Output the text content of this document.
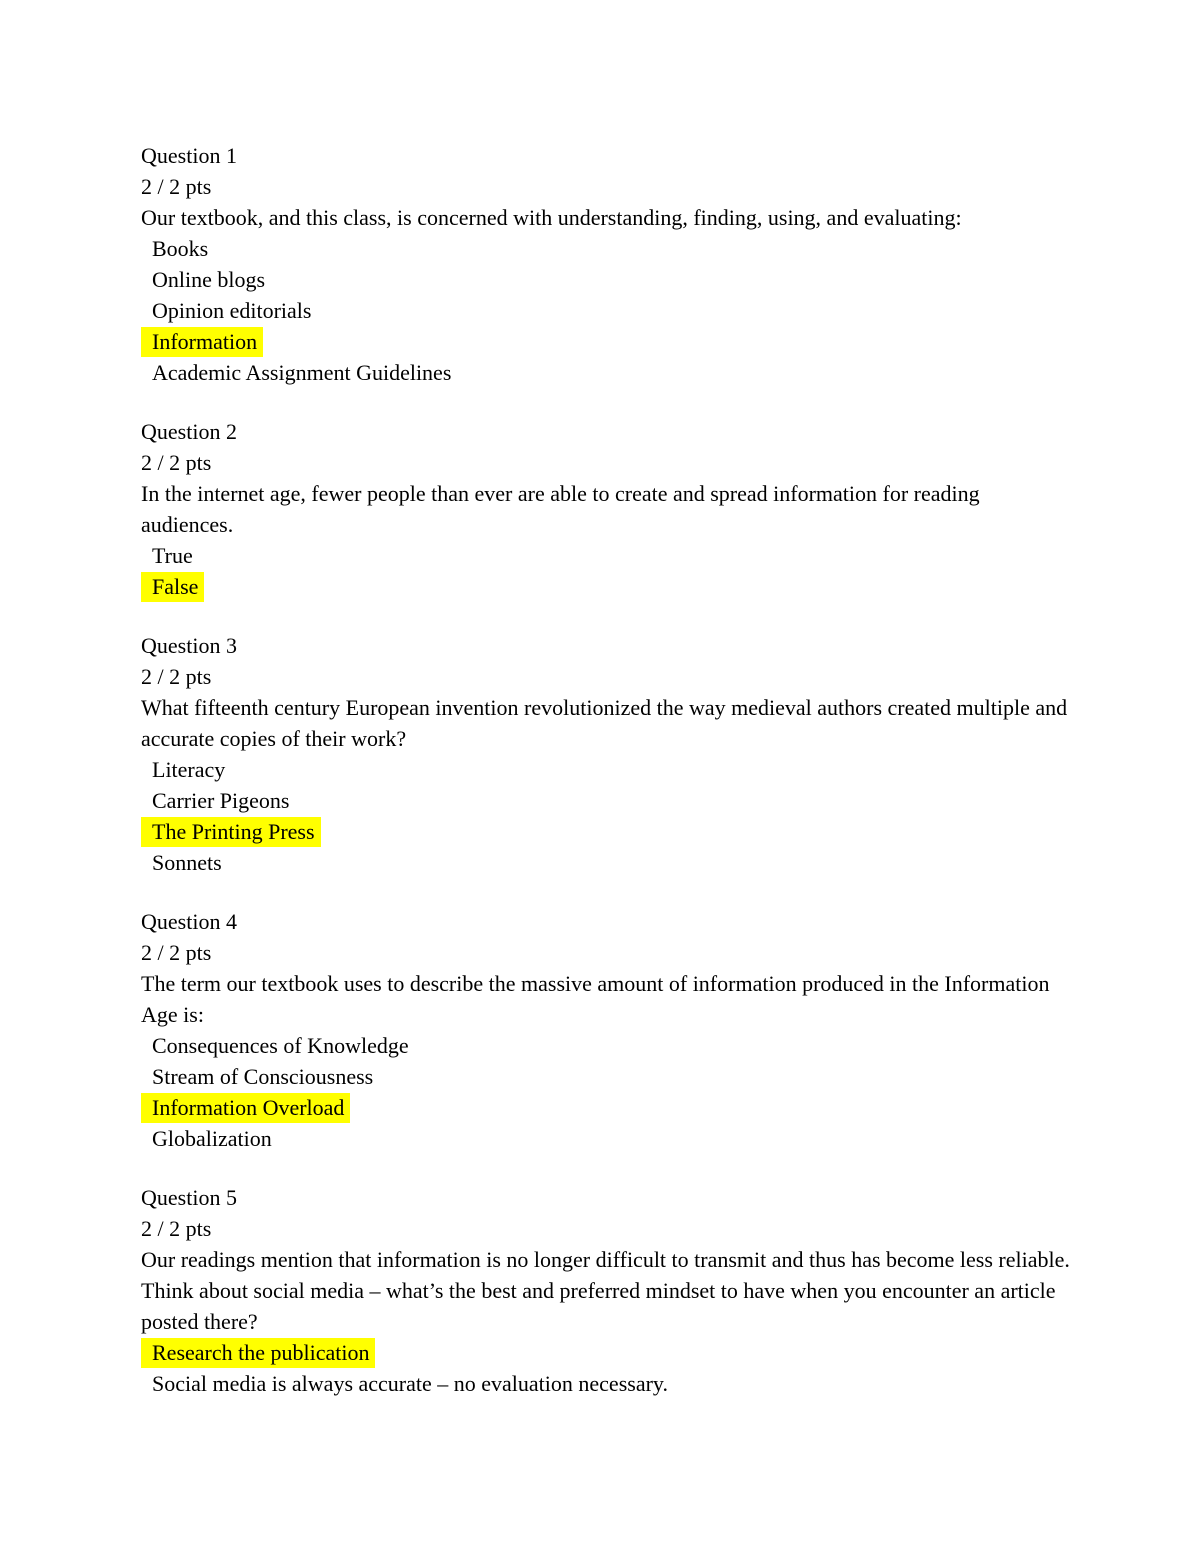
Question 1
2 / 2 pts
Our textbook, and this class, is concerned with understanding, finding, using, and evaluating:
Books
Online blogs
Opinion editorials
Information
Academic Assignment Guidelines
Question 2
2 / 2 pts
In the internet age, fewer people than ever are able to create and spread information for reading audiences.
True
False
Question 3
2 / 2 pts
What fifteenth century European invention revolutionized the way medieval authors created multiple and accurate copies of their work?
Literacy
Carrier Pigeons
The Printing Press
Sonnets
Question 4
2 / 2 pts
The term our textbook uses to describe the massive amount of information produced in the Information Age is:
Consequences of Knowledge
Stream of Consciousness
Information Overload
Globalization
Question 5
2 / 2 pts
Our readings mention that information is no longer difficult to transmit and thus has become less reliable. Think about social media – what’s the best and preferred mindset to have when you encounter an article posted there?
Research the publication
Social media is always accurate – no evaluation necessary.
